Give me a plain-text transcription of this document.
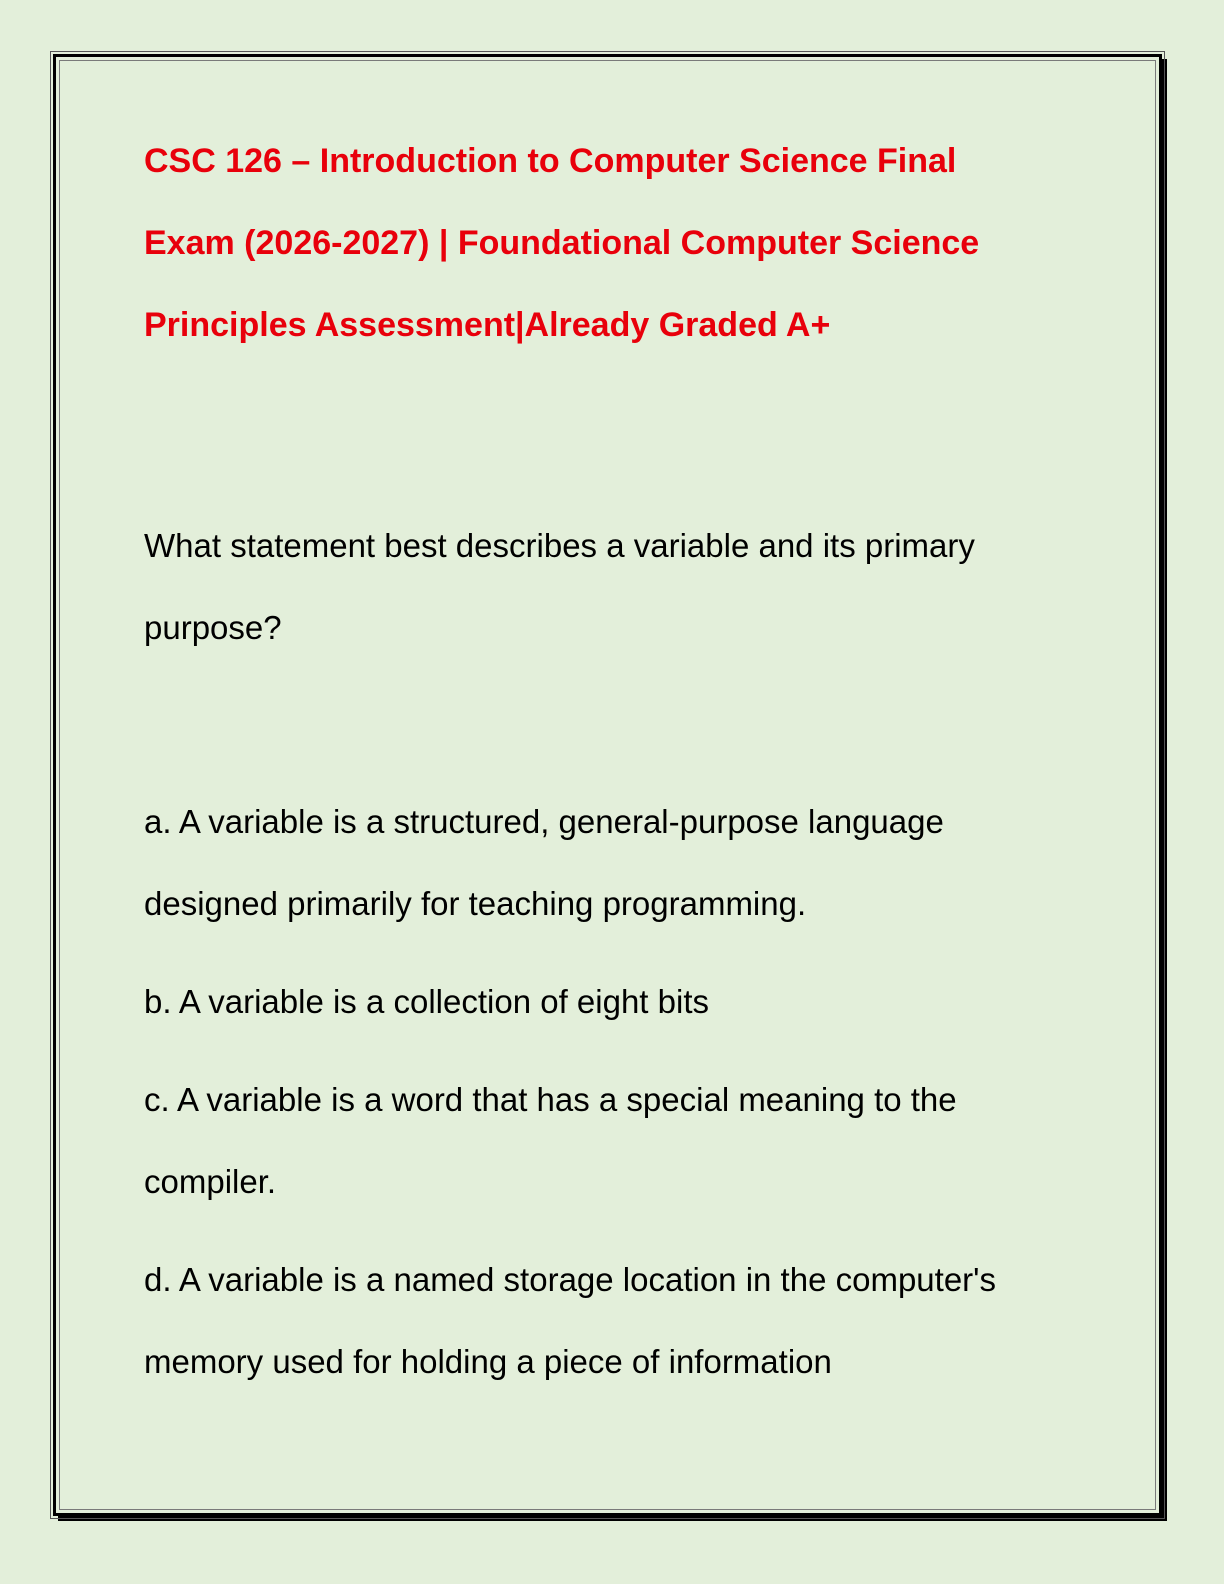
CSC 126 – Introduction to Computer Science Final
Exam (2026-2027) | Foundational Computer Science
Principles Assessment|Already Graded A+

What statement best describes a variable and its primary
purpose?

a. A variable is a structured, general-purpose language
designed primarily for teaching programming.
b. A variable is a collection of eight bits
c. A variable is a word that has a special meaning to the
compiler.
d. A variable is a named storage location in the computer's
memory used for holding a piece of information
